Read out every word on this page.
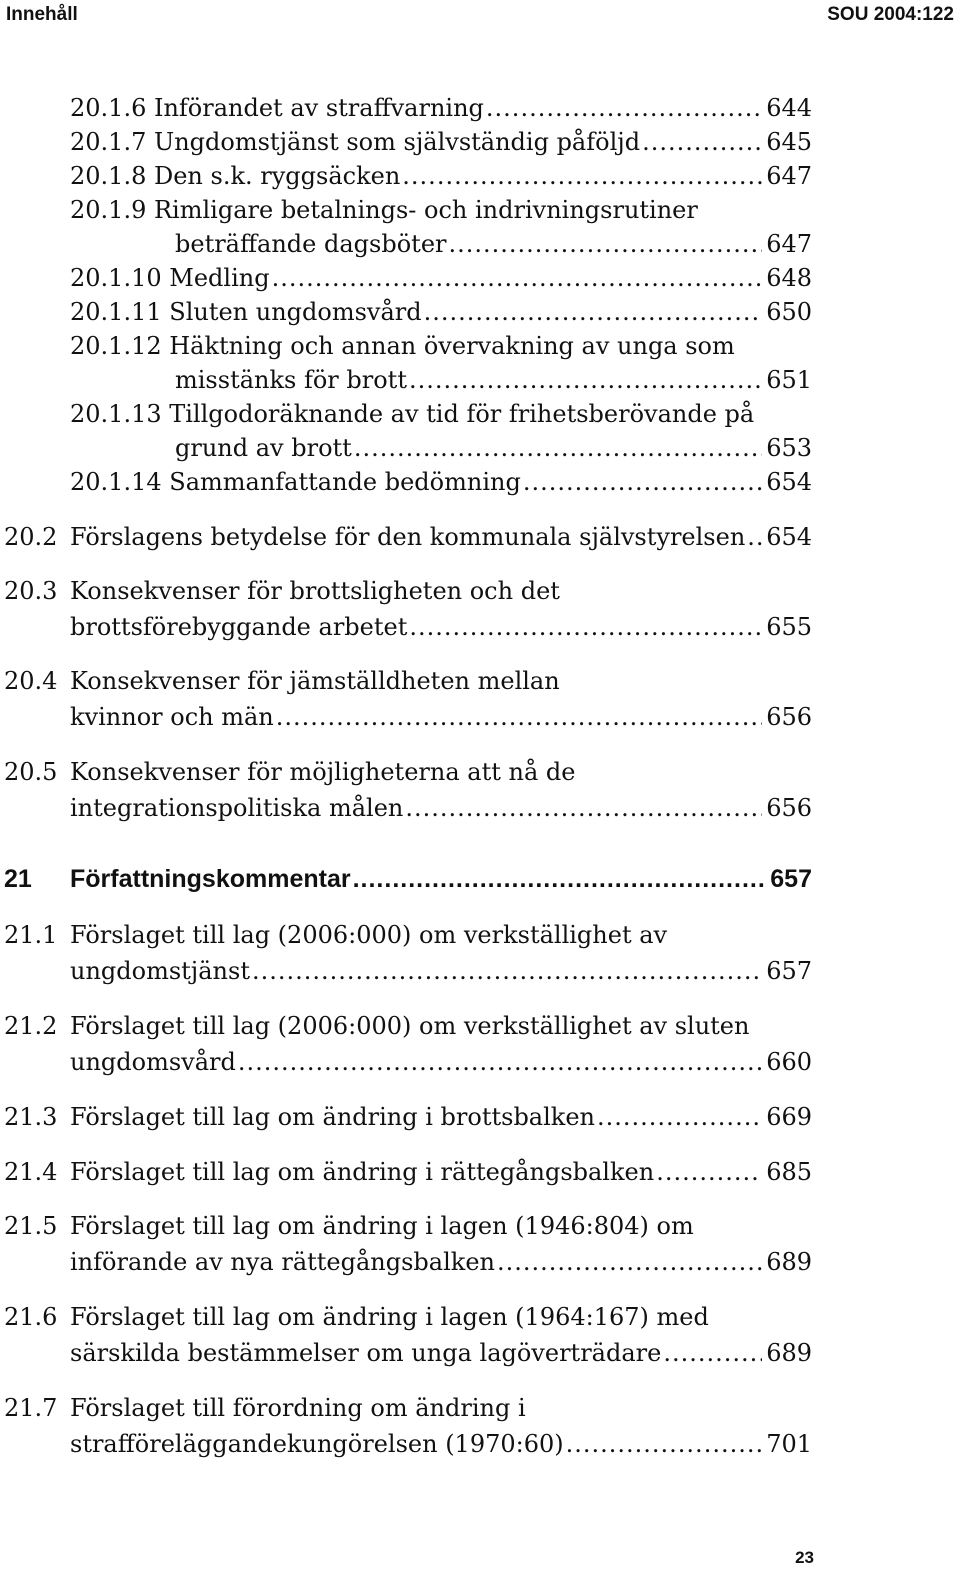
Innehåll	SOU 2004:122
20.1.6
Införandet av straffvarning .....	644
20.1.7
Ungdomstjänst som självständig påföljd .....	645
20.1.8
Den s.k. ryggsäcken .....	647
20.1.9
Rimligare betalnings- och indrivningsrutiner
beträffande dagsböter .....	647
20.1.10
Medling .....	648
20.1.11
Sluten ungdomsvård .....	650
20.1.12
Häktning och annan övervakning av unga som
misstänks för brott .....	651
20.1.13
Tillgodoräknande av tid för frihetsberövande på
grund av brott .....	653
20.1.14
Sammanfattande bedömning .....	654
20.2 Förslagens betydelse för den kommunala självstyrelsen ..... 654
20.3 Konsekvenser för brottsligheten och det
brottsförebyggande arbetet .....	655
20.4 Konsekvenser för jämställdheten mellan
kvinnor och män .....	656
20.5 Konsekvenser för möjligheterna att nå de
integrationspolitiska målen .....	656
21 Författningskommentar .....	657
21.1 Förslaget till lag (2006:000) om verkställighet av
ungdomstjänst .....	657
21.2 Förslaget till lag (2006:000) om verkställighet av sluten
ungdomsvård .....	660
21.3 Förslaget till lag om ändring i brottsbalken .....	669
21.4 Förslaget till lag om ändring i rättegångsbalken .....	685
21.5 Förslaget till lag om ändring i lagen (1946:804) om
införande av nya rättegångsbalken .....	689
21.6 Förslaget till lag om ändring i lagen (1964:167) med
särskilda bestämmelser om unga lagöverträdare .....	689
21.7 Förslaget till förordning om ändring i
strafföreläggandekungörelsen (1970:60) .....	701
23
